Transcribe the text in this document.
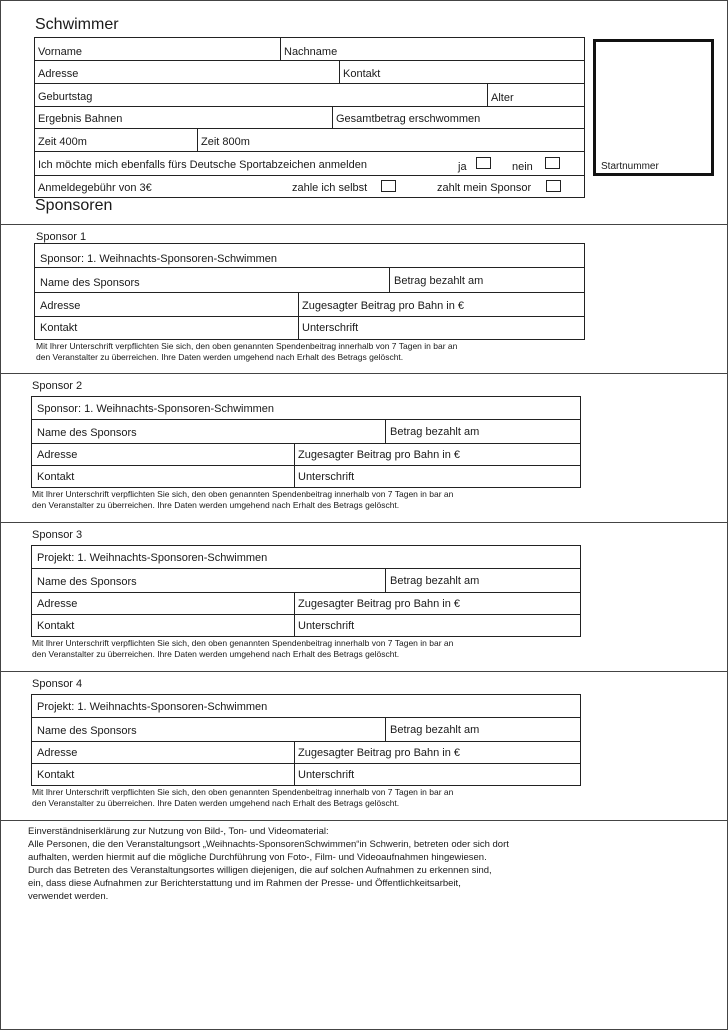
Schwimmer
Vorname	Nachname
Adresse	Kontakt
Geburtstag	Alter
Ergebnis Bahnen	Gesamtbetrag erschwommen
Zeit 400m	Zeit 800m
Ich möchte mich ebenfalls fürs Deutsche Sportabzeichen anmelden	ja	nein
Anmeldegebühr von 3€	zahle ich selbst	zahlt mein Sponsor
Startnummer
Sponsoren
Sponsor 1
Sponsor: 1. Weihnachts-Sponsoren-Schwimmen
Name des Sponsors	Betrag bezahlt am
Adresse	Zugesagter Beitrag pro Bahn in €
Kontakt	Unterschrift
Mit Ihrer Unterschrift verpflichten Sie sich, den oben genannten Spendenbeitrag innerhalb von 7 Tagen in bar an
den Veranstalter zu überreichen. Ihre Daten werden umgehend nach Erhalt des Betrags gelöscht.
Sponsor 2
Sponsor: 1. Weihnachts-Sponsoren-Schwimmen
Name des Sponsors	Betrag bezahlt am
Adresse	Zugesagter Beitrag pro Bahn in €
Kontakt	Unterschrift
Mit Ihrer Unterschrift verpflichten Sie sich, den oben genannten Spendenbeitrag innerhalb von 7 Tagen in bar an
den Veranstalter zu überreichen. Ihre Daten werden umgehend nach Erhalt des Betrags gelöscht.
Sponsor 3
Projekt: 1. Weihnachts-Sponsoren-Schwimmen
Name des Sponsors	Betrag bezahlt am
Adresse	Zugesagter Beitrag pro Bahn in €
Kontakt	Unterschrift
Mit Ihrer Unterschrift verpflichten Sie sich, den oben genannten Spendenbeitrag innerhalb von 7 Tagen in bar an
den Veranstalter zu überreichen. Ihre Daten werden umgehend nach Erhalt des Betrags gelöscht.
Sponsor 4
Projekt: 1. Weihnachts-Sponsoren-Schwimmen
Name des Sponsors	Betrag bezahlt am
Adresse	Zugesagter Beitrag pro Bahn in €
Kontakt	Unterschrift
Mit Ihrer Unterschrift verpflichten Sie sich, den oben genannten Spendenbeitrag innerhalb von 7 Tagen in bar an
den Veranstalter zu überreichen. Ihre Daten werden umgehend nach Erhalt des Betrags gelöscht.
Einverständniserklärung zur Nutzung von Bild-, Ton- und Videomaterial:
Alle Personen, die den Veranstaltungsort „Weihnachts-SponsorenSchwimmen“in Schwerin, betreten oder sich dort
aufhalten, werden hiermit auf die mögliche Durchführung von Foto-, Film- und Videoaufnahmen hingewiesen.
Durch das Betreten des Veranstaltungsortes willigen diejenigen, die auf solchen Aufnahmen zu erkennen sind,
ein, dass diese Aufnahmen zur Berichterstattung und im Rahmen der Presse- und Öffentlichkeitsarbeit,
verwendet werden.
